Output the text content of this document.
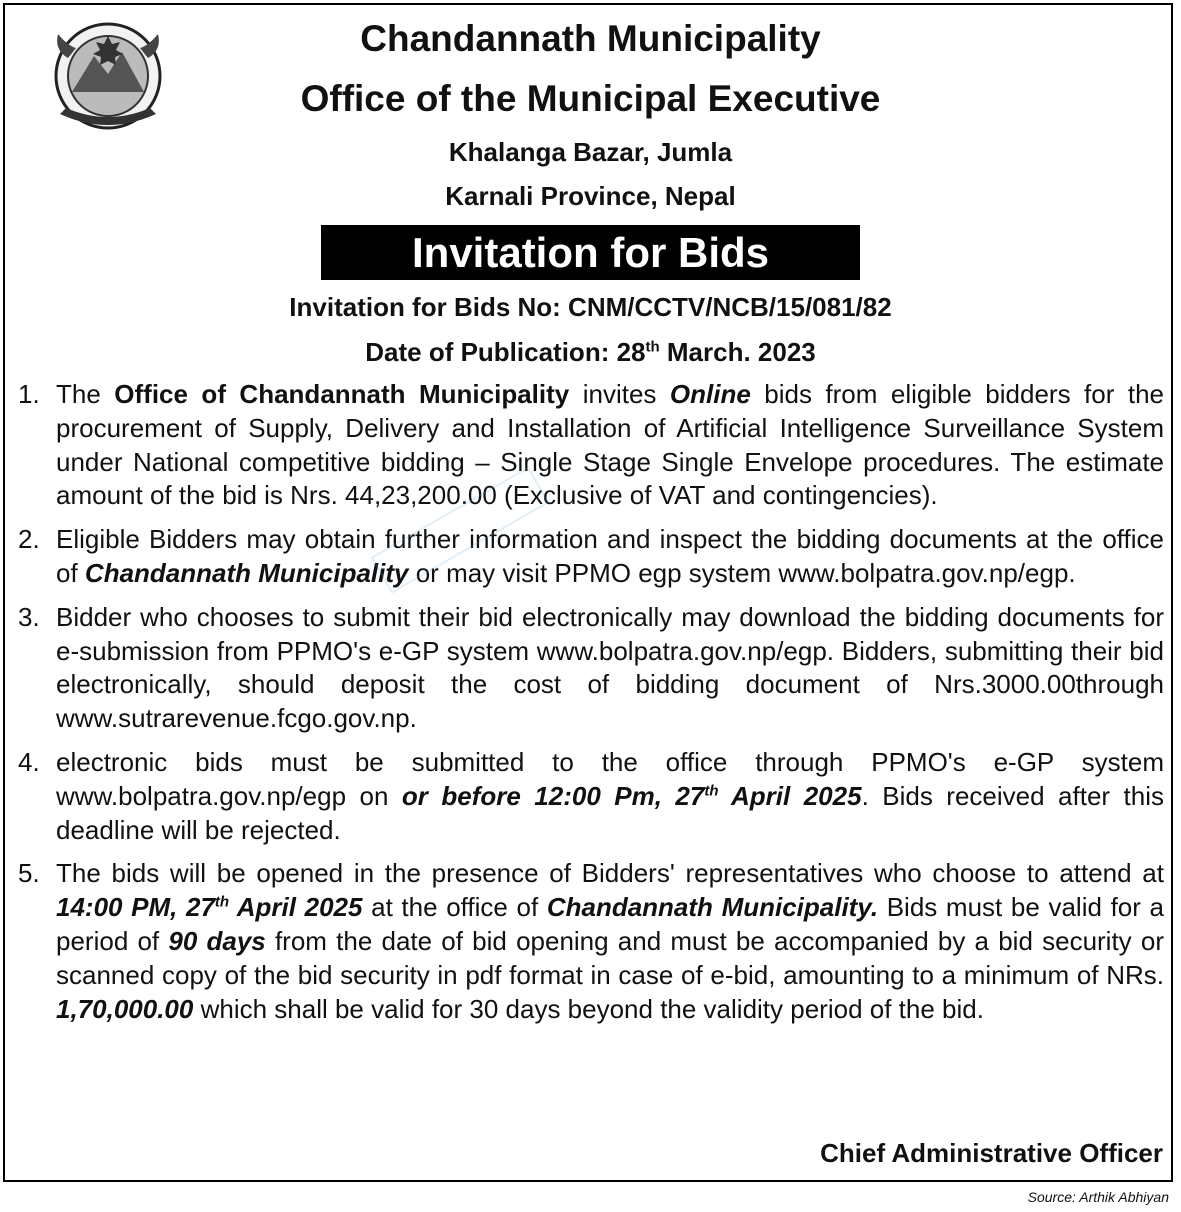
Chandannath Municipality
Office of the Municipal Executive
Khalanga Bazar, Jumla
Karnali Province, Nepal
Invitation for Bids
Invitation for Bids No: CNM/CCTV/NCB/15/081/82
Date of Publication: 28th March. 2023
1. The Office of Chandannath Municipality invites Online bids from eligible bidders for the procurement of Supply, Delivery and Installation of Artificial Intelligence Surveillance System under National competitive bidding – Single Stage Single Envelope procedures. The estimate amount of the bid is Nrs. 44,23,200.00 (Exclusive of VAT and contingencies).
2. Eligible Bidders may obtain further information and inspect the bidding documents at the office of Chandannath Municipality or may visit PPMO egp system www.bolpatra.gov.np/egp.
3. Bidder who chooses to submit their bid electronically may download the bidding documents for e-submission from PPMO's e-GP system www.bolpatra.gov.np/egp. Bidders, submitting their bid electronically, should deposit the cost of bidding document of Nrs.3000.00through www.sutrarevenue.fcgo.gov.np.
4. electronic bids must be submitted to the office through PPMO's e-GP system www.bolpatra.gov.np/egp on or before 12:00 Pm, 27th April 2025. Bids received after this deadline will be rejected.
5. The bids will be opened in the presence of Bidders' representatives who choose to attend at 14:00 PM, 27th April 2025 at the office of Chandannath Municipality. Bids must be valid for a period of 90 days from the date of bid opening and must be accompanied by a bid security or scanned copy of the bid security in pdf format in case of e-bid, amounting to a minimum of NRs. 1,70,000.00 which shall be valid for 30 days beyond the validity period of the bid.
Chief Administrative Officer
Source: Arthik Abhiyan
